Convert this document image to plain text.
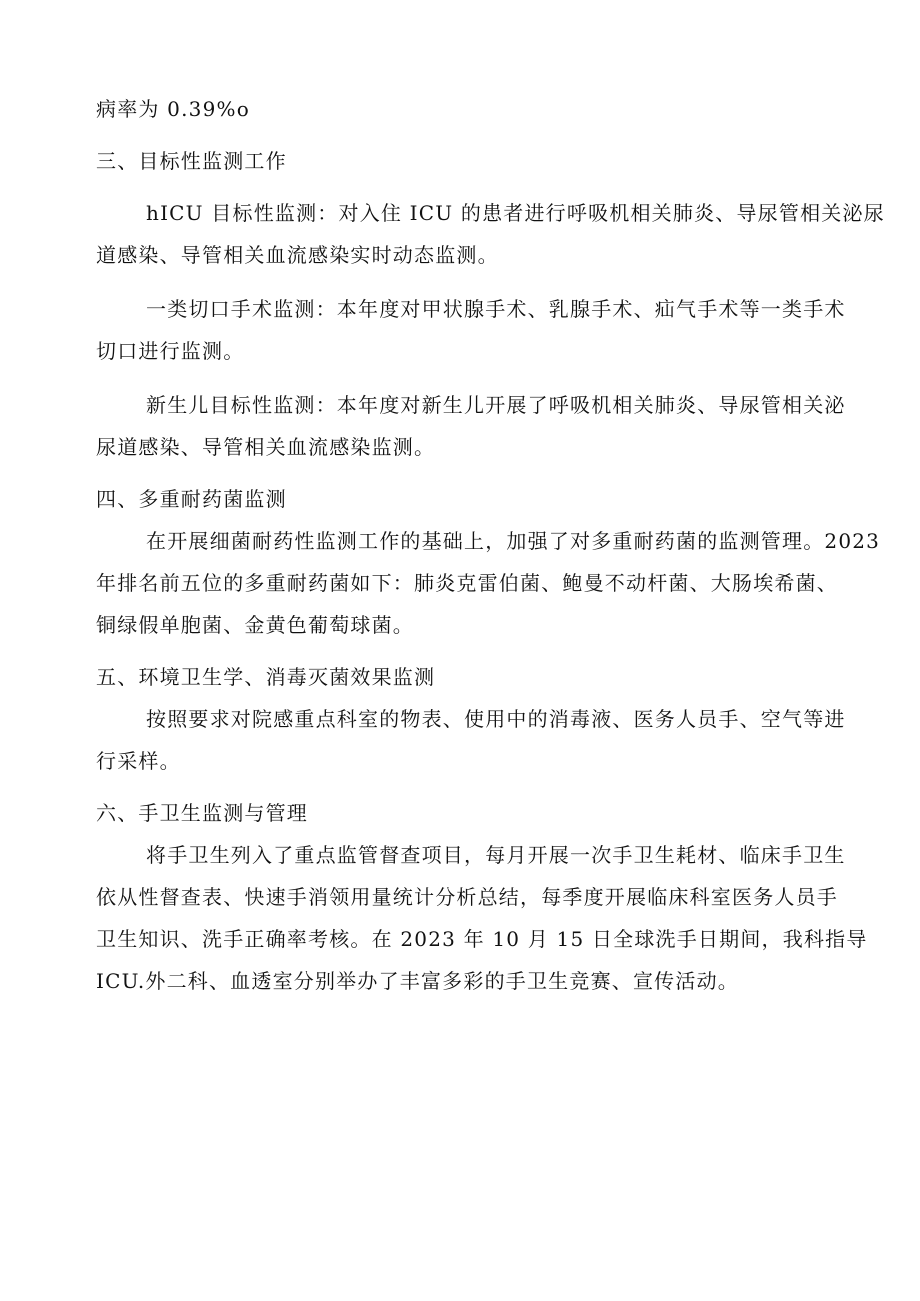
病率为 0.39%o

三、目标性监测工作

hICU 目标性监测：对入住 ICU 的患者进行呼吸机相关肺炎、导尿管相关泌尿

道感染、导管相关血流感染实时动态监测。

一类切口手术监测：本年度对甲状腺手术、乳腺手术、疝气手术等一类手术

切口进行监测。

新生儿目标性监测：本年度对新生儿开展了呼吸机相关肺炎、导尿管相关泌

尿道感染、导管相关血流感染监测。

四、多重耐药菌监测

在开展细菌耐药性监测工作的基础上，加强了对多重耐药菌的监测管理。2023

年排名前五位的多重耐药菌如下：肺炎克雷伯菌、鲍曼不动杆菌、大肠埃希菌、

铜绿假单胞菌、金黄色葡萄球菌。

五、环境卫生学、消毒灭菌效果监测

按照要求对院感重点科室的物表、使用中的消毒液、医务人员手、空气等进

行采样。

六、手卫生监测与管理

将手卫生列入了重点监管督查项目，每月开展一次手卫生耗材、临床手卫生

依从性督查表、快速手消领用量统计分析总结，每季度开展临床科室医务人员手

卫生知识、洗手正确率考核。在 2023 年 10 月 15 日全球洗手日期间，我科指导

ICU.外二科、血透室分别举办了丰富多彩的手卫生竞赛、宣传活动。
